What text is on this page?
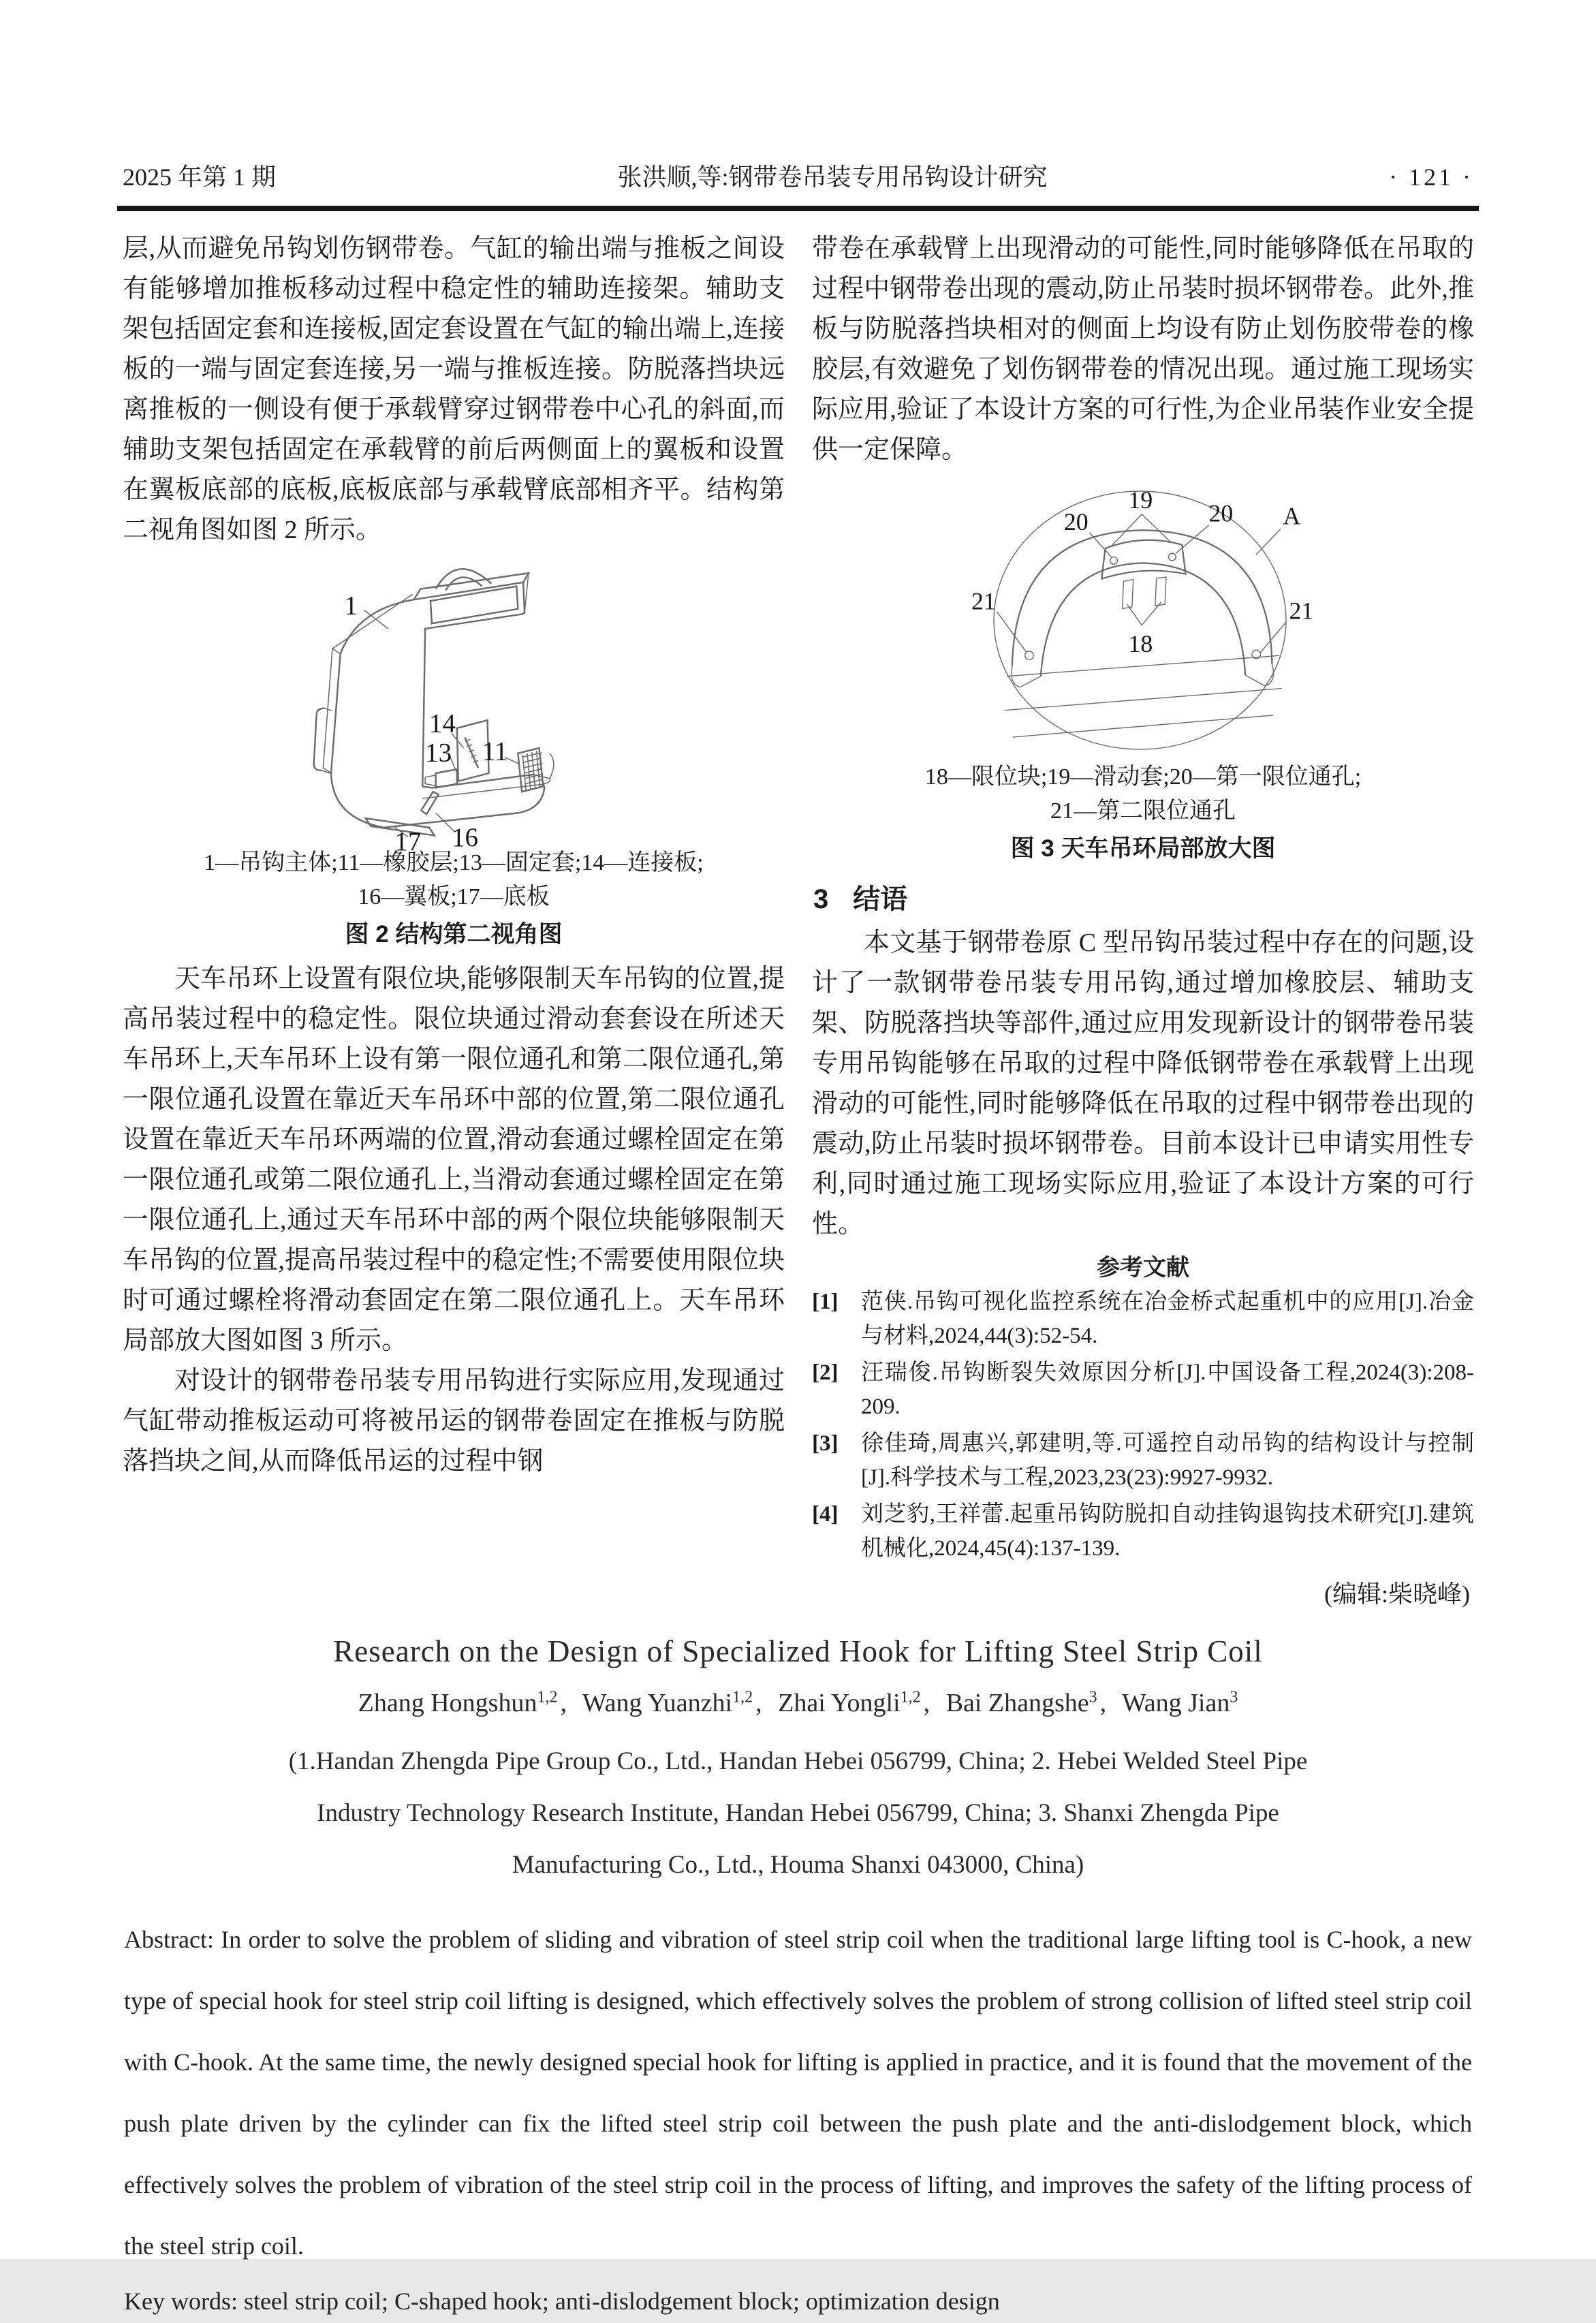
2025 年第 1 期	张洪顺,等:钢带卷吊装专用吊钩设计研究	· 121 ·

层,从而避免吊钩划伤钢带卷。气缸的输出端与推板之间设有能够增加推板移动过程中稳定性的辅助连接架。辅助支架包括固定套和连接板,固定套设置在气缸的输出端上,连接板的一端与固定套连接,另一端与推板连接。防脱落挡块远离推板的一侧设有便于承载臂穿过钢带卷中心孔的斜面,而辅助支架包括固定在承载臂的前后两侧面上的翼板和设置在翼板底部的底板,底板底部与承载臂底部相齐平。结构第二视角图如图 2 所示。

1
14
13 11
16
17
1—吊钩主体;11—橡胶层;13—固定套;14—连接板;
16—翼板;17—底板
图 2 结构第二视角图

天车吊环上设置有限位块,能够限制天车吊钩的位置,提高吊装过程中的稳定性。限位块通过滑动套套设在所述天车吊环上,天车吊环上设有第一限位通孔和第二限位通孔,第一限位通孔设置在靠近天车吊环中部的位置,第二限位通孔设置在靠近天车吊环两端的位置,滑动套通过螺栓固定在第一限位通孔或第二限位通孔上,当滑动套通过螺栓固定在第一限位通孔上,通过天车吊环中部的两个限位块能够限制天车吊钩的位置,提高吊装过程中的稳定性;不需要使用限位块时可通过螺栓将滑动套固定在第二限位通孔上。天车吊环局部放大图如图 3 所示。

对设计的钢带卷吊装专用吊钩进行实际应用,发现通过气缸带动推板运动可将被吊运的钢带卷固定在推板与防脱落挡块之间,从而降低吊运的过程中钢

带卷在承载臂上出现滑动的可能性,同时能够降低在吊取的过程中钢带卷出现的震动,防止吊装时损坏钢带卷。此外,推板与防脱落挡块相对的侧面上均设有防止划伤胶带卷的橡胶层,有效避免了划伤钢带卷的情况出现。通过施工现场实际应用,验证了本设计方案的可行性,为企业吊装作业安全提供一定保障。

19
20	20
18
21	21
A
18—限位块;19—滑动套;20—第一限位通孔;
21—第二限位通孔
图 3 天车吊环局部放大图
3 结语

本文基于钢带卷原 C 型吊钩吊装过程中存在的问题,设计了一款钢带卷吊装专用吊钩,通过增加橡胶层、辅助支架、防脱落挡块等部件,通过应用发现新设计的钢带卷吊装专用吊钩能够在吊取的过程中降低钢带卷在承载臂上出现滑动的可能性,同时能够降低在吊取的过程中钢带卷出现的震动,防止吊装时损坏钢带卷。目前本设计已申请实用性专利,同时通过施工现场实际应用,验证了本设计方案的可行性。

参考文献
[1]	范侠.吊钩可视化监控系统在冶金桥式起重机中的应用[J].冶金与材料,2024,44(3):52-54.
[2]	汪瑞俊.吊钩断裂失效原因分析[J].中国设备工程,2024(3):208-209.
[3]	徐佳琦,周惠兴,郭建明,等.可遥控自动吊钩的结构设计与控制[J].科学技术与工程,2023,23(23):9927-9932.
[4]	刘芝豹,王祥蕾.起重吊钩防脱扣自动挂钩退钩技术研究[J].建筑机械化,2024,45(4):137-139.
(编辑:柴晓峰)
Research on the Design of Specialized Hook for Lifting Steel Strip Coil
Zhang Hongshun$^{1,2}$ , Wang Yuanzhi$^{1,2}$ , Zhai Yongli$^{1,2}$ , Bai Zhangshe$^3$ , Wang Jian$^3$
(1.Handan Zhengda Pipe Group Co., Ltd., Handan Hebei 056799, China; 2. Hebei Welded Steel Pipe
Industry Technology Research Institute, Handan Hebei 056799, China; 3. Shanxi Zhengda Pipe
Manufacturing Co., Ltd., Houma Shanxi 043000, China)

Abstract: In order to solve the problem of sliding and vibration of steel strip coil when the traditional large lifting tool is C-hook, a new type of special hook for steel strip coil lifting is designed, which effectively solves the problem of strong collision of lifted steel strip coil with C-hook. At the same time, the newly designed special hook for lifting is applied in practice, and it is found that the movement of the push plate driven by the cylinder can fix the lifted steel strip coil between the push plate and the anti-dislodgement block, which effectively solves the problem of vibration of the steel strip coil in the process of lifting, and improves the safety of the lifting process of the steel strip coil.

Key words: steel strip coil; C-shaped hook; anti-dislodgement block; optimization design
